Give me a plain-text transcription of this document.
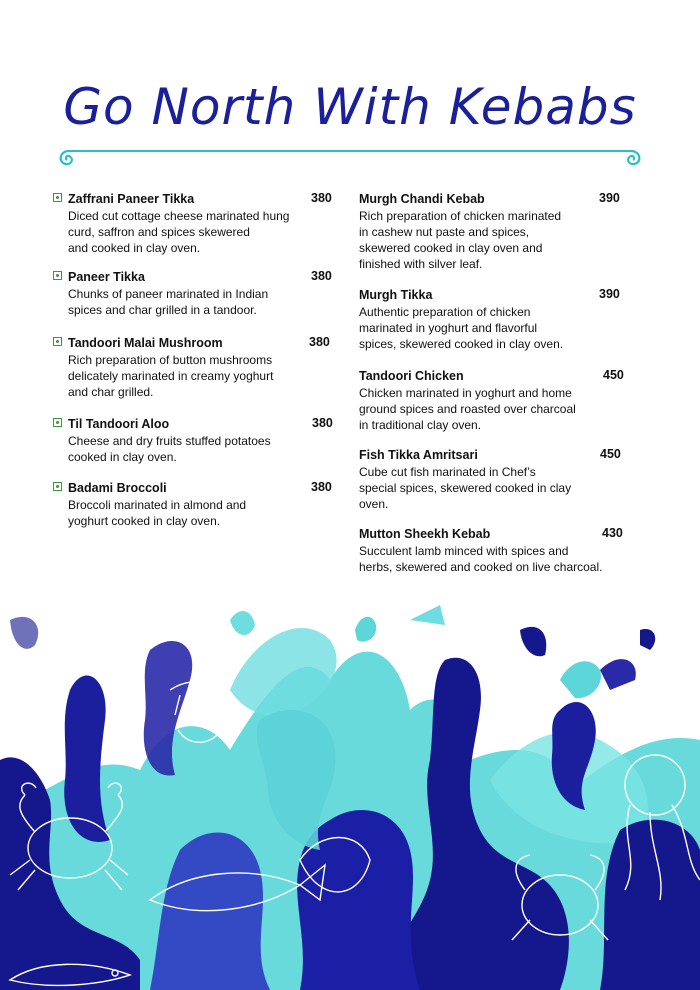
Go North With Kebabs
Zaffrani Paneer Tikka	380
Diced cut cottage cheese marinated hung
curd, saffron and spices skewered
and cooked in clay oven.
Paneer Tikka	380
Chunks of paneer marinated in Indian
spices and char grilled in a tandoor.
Tandoori Malai Mushroom	380
Rich preparation of button mushrooms
delicately marinated in creamy yoghurt
and char grilled.
Til Tandoori Aloo	380
Cheese and dry fruits stuffed potatoes
cooked in clay oven.
Badami Broccoli	380
Broccoli marinated in almond and
yoghurt cooked in clay oven.
Murgh Chandi Kebab	390
Rich preparation of chicken marinated
in cashew nut paste and spices,
skewered cooked in clay oven and
finished with silver leaf.
Murgh Tikka	390
Authentic preparation of chicken
marinated in yoghurt and flavorful
spices, skewered cooked in clay oven.
Tandoori Chicken	450
Chicken marinated in yoghurt and home
ground spices and roasted over charcoal
in traditional clay oven.
Fish Tikka Amritsari	450
Cube cut fish marinated in Chef’s
special spices, skewered cooked in clay
oven.
Mutton Sheekh Kebab	430
Succulent lamb minced with spices and
herbs, skewered and cooked on live charcoal.
